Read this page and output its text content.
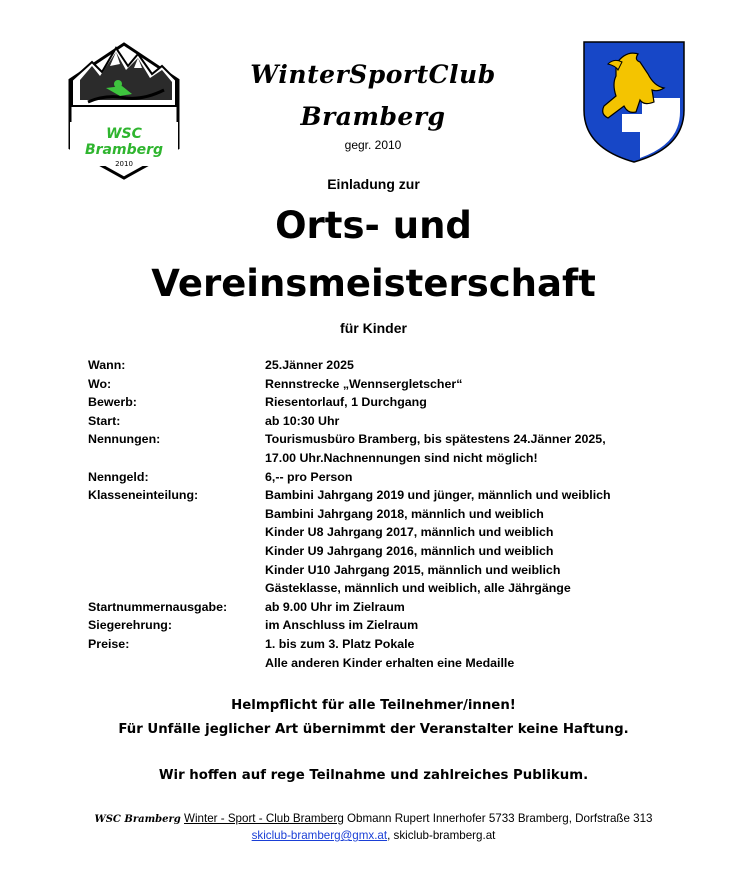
WSC
Bramberg
2010
WinterSportClub
Bramberg
gegr. 2010
Einladung zur
Orts- und
Vereinsmeisterschaft
für Kinder
Wann:	25.Jänner 2025
Wo:	Rennstrecke „Wennsergletscher“
Bewerb:	Riesentorlauf, 1 Durchgang
Start:	ab 10:30 Uhr
Nennungen:	Tourismusbüro Bramberg, bis spätestens 24.Jänner 2025,
17.00 Uhr.Nachnennungen sind nicht möglich!
Nenngeld:	6,-- pro Person
Klasseneinteilung:	Bambini Jahrgang 2019 und jünger, männlich und weiblich
Bambini Jahrgang 2018, männlich und weiblich
Kinder U8 Jahrgang 2017, männlich und weiblich
Kinder U9 Jahrgang 2016, männlich und weiblich
Kinder U10 Jahrgang 2015, männlich und weiblich
Gästeklasse, männlich und weiblich, alle Jährgänge
Startnummernausgabe:	ab 9.00 Uhr im Zielraum
Siegerehrung:	im Anschluss im Zielraum
Preise:	1. bis zum 3. Platz Pokale
Alle anderen Kinder erhalten eine Medaille
Helmpflicht für alle Teilnehmer/innen!
Für Unfälle jeglicher Art übernimmt der Veranstalter keine Haftung.
Wir hoffen auf rege Teilnahme und zahlreiches Publikum.
WSC Bramberg Winter - Sport - Club Bramberg Obmann Rupert Innerhofer 5733 Bramberg, Dorfstraße 313
skiclub-bramberg@gmx.at, skiclub-bramberg.at
